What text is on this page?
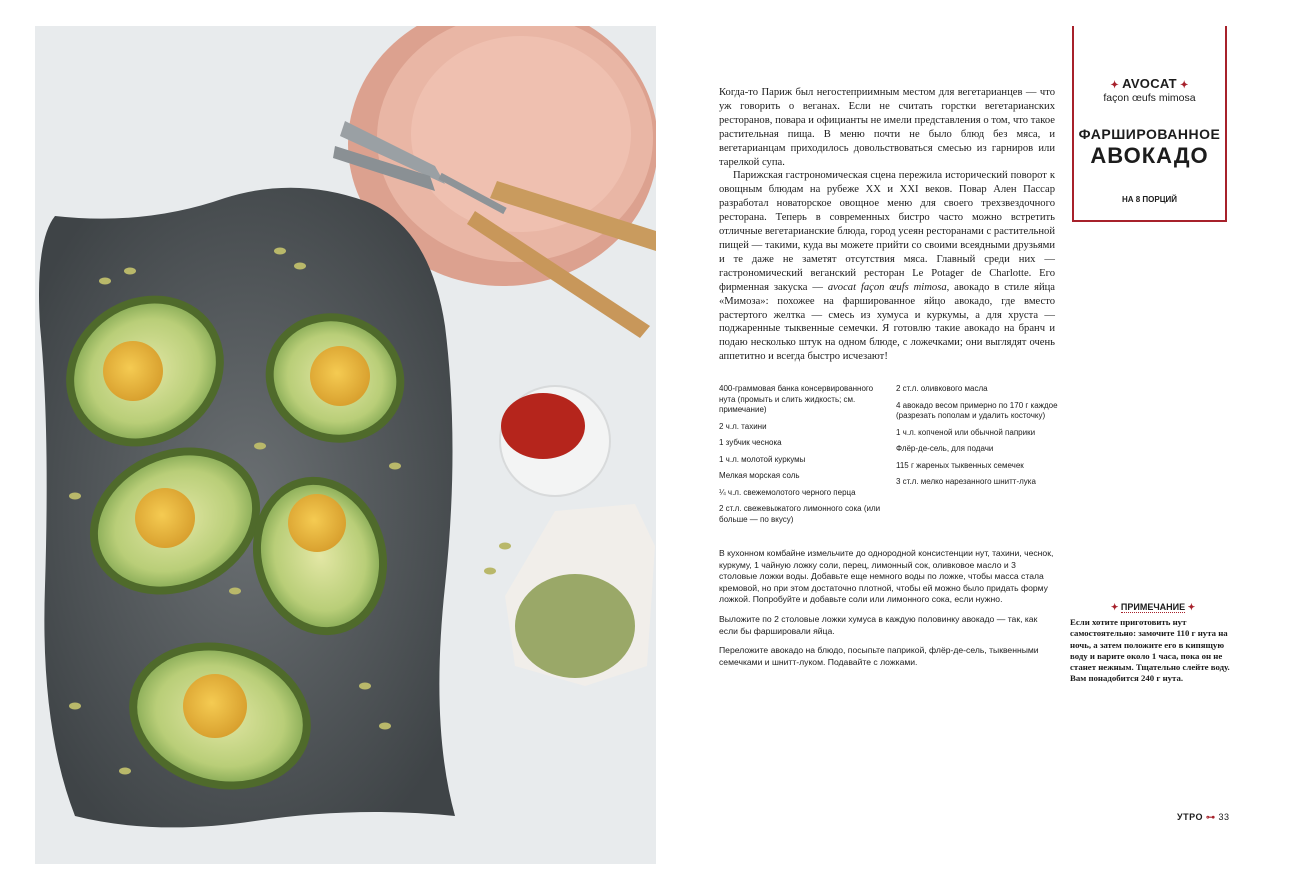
Когда-то Париж был негостеприимным местом для вегетарианцев — что уж говорить о веганах. Если не считать горстки вегетарианских ресторанов, повара и официанты не имели представления о том, что такое растительная пища. В меню почти не было блюд без мяса, и вегетарианцам приходилось довольствоваться смесью из гарниров или тарелкой супа.

Парижская гастрономическая сцена пережила исторический поворот к овощным блюдам на рубеже XX и XXI веков. Повар Ален Пассар разработал новаторское овощное меню для своего трехзвездочного ресторана. Теперь в современных бистро часто можно встретить отличные вегетарианские блюда, город усеян ресторанами с растительной пищей — такими, куда вы можете прийти со своими всеядными друзьями и те даже не заметят отсутствия мяса. Главный среди них — гастрономический веганский ресторан Le Potager de Charlotte. Его фирменная закуска — avocat façon œufs mimosa, авокадо в стиле яйца «Мимоза»: похожее на фаршированное яйцо авокадо, где вместо растертого желтка — смесь из хумуса и куркумы, а для хруста — поджаренные тыквенные семечки. Я готовлю такие авокадо на бранч и подаю несколько штук на одном блюде, с ложечками; они выглядят очень аппетитно и всегда быстро исчезают!

✦ AVOCAT ✦
façon œufs mimosa
ФАРШИРОВАННОЕ
АВОКАДО
НА 8 ПОРЦИЙ
400-граммовая банка консервированного нута (промыть и слить жидкость; см. примечание)
2 ч.л. тахини
1 зубчик чеснока
1 ч.л. молотой куркумы
Мелкая морская соль
¼ ч.л. свежемолотого черного перца
2 ст.л. свежевыжатого лимонного сока (или больше — по вкусу)
2 ст.л. оливкового масла
4 авокадо весом примерно по 170 г каждое (разрезать пополам и удалить косточку)
1 ч.л. копченой или обычной паприки
Флёр-де-сель, для подачи
115 г жареных тыквенных семечек
3 ст.л. мелко нарезанного шнитт-лука

В кухонном комбайне измельчите до однородной консистенции нут, тахини, чеснок, куркуму, 1 чайную ложку соли, перец, лимонный сок, оливковое масло и 3 столовые ложки воды. Добавьте еще немного воды по ложке, чтобы масса стала кремовой, но при этом достаточно плотной, чтобы ей можно было придать форму ложкой. Попробуйте и добавьте соли или лимонного сока, если нужно.

Выложите по 2 столовые ложки хумуса в каждую половинку авокадо — так, как если бы фаршировали яйца.

Переложите авокадо на блюдо, посыпьте паприкой, флёр-де-сель, тыквенными семечками и шнитт-луком. Подавайте с ложками.

✦ ПРИМЕЧАНИЕ ✦
Если хотите приготовить нут самостоятельно: замочите 110 г нута на ночь, а затем положите его в кипящую воду и варите около 1 часа, пока он не станет нежным. Тщательно слейте воду. Вам понадобится 240 г нута.
УТРО ⊶ 33
